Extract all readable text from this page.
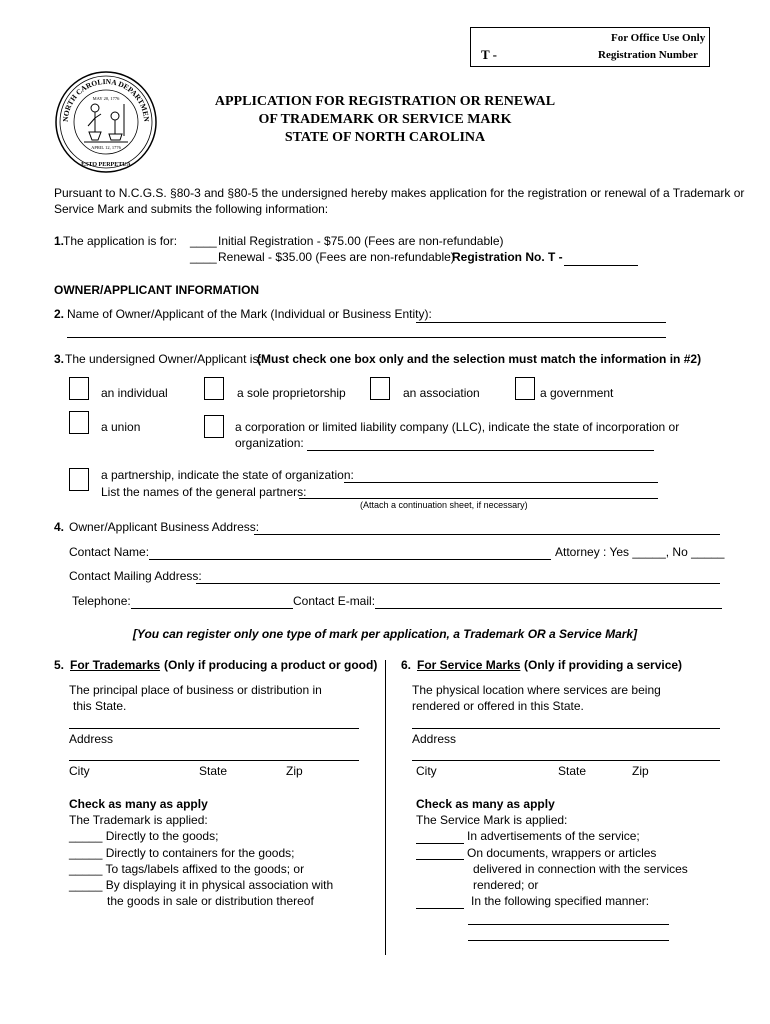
For Office Use Only
T -	Registration Number
NORTH CAROLINA DEPARTMEN
MAY 20, 1776
APRIL 12, 1776
ESTO PERPETUA
APPLICATION FOR REGISTRATION OR RENEWAL
OF TRADEMARK OR SERVICE MARK
STATE OF NORTH CAROLINA
Pursuant to N.C.G.S. §80-3 and §80-5 the undersigned hereby makes application for the registration or renewal of a Trademark or
Service Mark and submits the following information:
1.
The application is for: ____ Initial Registration - $75.00 (Fees are non-refundable)
____ Renewal - $35.00 (Fees are non-refundable)
Registration No. T -
OWNER/APPLICANT INFORMATION
2. Name of Owner/Applicant of the Mark (Individual or Business Entity):
3. The undersigned Owner/Applicant is:
(Must check one box only and the selection must match the information in #2)
an individual	a sole proprietorship	an association	a government
a union	a corporation or limited liability company (LLC), indicate the state of incorporation or
organization:
a partnership, indicate the state of organization:
List the names of the general partners:
(Attach a continuation sheet, if necessary)
4. Owner/Applicant Business Address:
Contact Name:	Attorney : Yes _____, No _____
Contact Mailing Address:
Telephone:	Contact E-mail:
[You can register only one type of mark per application, a Trademark OR a Service Mark]
5. For Trademarks (Only if producing a product or good)
The principal place of business or distribution in
this State.
Address
City	State	Zip
Check as many as apply
The Trademark is applied:
_____ Directly to the goods;
_____ Directly to containers for the goods;
_____ To tags/labels affixed to the goods; or
_____ By displaying it in physical association with
the goods in sale or distribution thereof
6. For Service Marks (Only if providing a service)
The physical location where services are being
rendered or offered in this State.
Address
City	State	Zip
Check as many as apply
The Service Mark is applied:
In advertisements of the service;
On documents, wrappers or articles
delivered in connection with the services
rendered; or
In the following specified manner:
